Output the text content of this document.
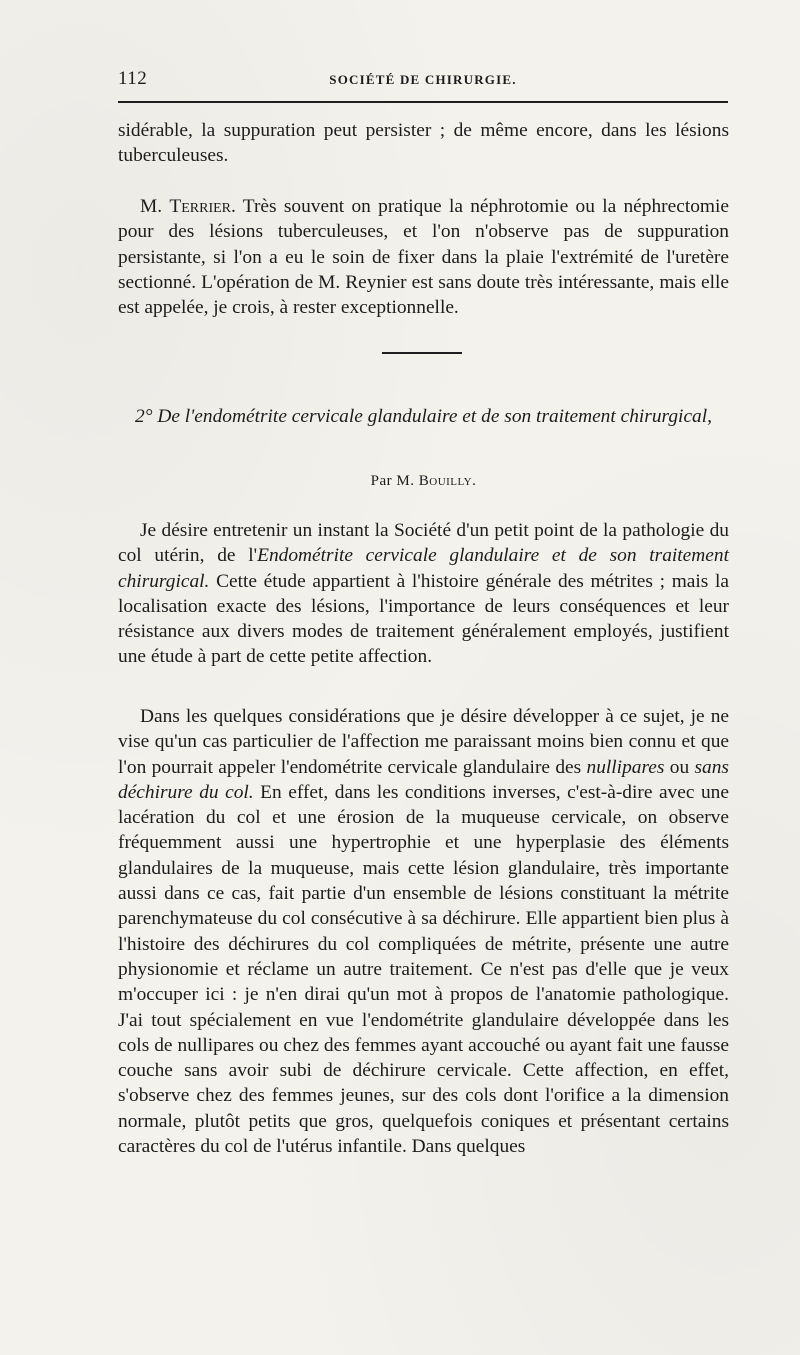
112	SOCIÉTÉ DE CHIRURGIE.

sidérable, la suppuration peut persister ; de même encore, dans les lésions tuberculeuses.

M. Terrier. Très souvent on pratique la néphrotomie ou la néphrectomie pour des lésions tuberculeuses, et l'on n'observe pas de suppuration persistante, si l'on a eu le soin de fixer dans la plaie l'extrémité de l'uretère sectionné. L'opération de M. Reynier est sans doute très intéressante, mais elle est appelée, je crois, à rester exceptionnelle.

2° De l'endométrite cervicale glandulaire et de son traitement chirurgical,

Par M. Bouilly.

Je désire entretenir un instant la Société d'un petit point de la pathologie du col utérin, de l'Endométrite cervicale glandulaire et de son traitement chirurgical. Cette étude appartient à l'histoire générale des métrites ; mais la localisation exacte des lésions, l'importance de leurs conséquences et leur résistance aux divers modes de traitement généralement employés, justifient une étude à part de cette petite affection.

Dans les quelques considérations que je désire développer à ce sujet, je ne vise qu'un cas particulier de l'affection me paraissant moins bien connu et que l'on pourrait appeler l'endométrite cervicale glandulaire des nullipares ou sans déchirure du col. En effet, dans les conditions inverses, c'est-à-dire avec une lacération du col et une érosion de la muqueuse cervicale, on observe fréquemment aussi une hypertrophie et une hyperplasie des éléments glandulaires de la muqueuse, mais cette lésion glandulaire, très importante aussi dans ce cas, fait partie d'un ensemble de lésions constituant la métrite parenchymateuse du col consécutive à sa déchirure. Elle appartient bien plus à l'histoire des déchirures du col compliquées de métrite, présente une autre physionomie et réclame un autre traitement. Ce n'est pas d'elle que je veux m'occuper ici : je n'en dirai qu'un mot à propos de l'anatomie pathologique. J'ai tout spécialement en vue l'endométrite glandulaire développée dans les cols de nullipares ou chez des femmes ayant accouché ou ayant fait une fausse couche sans avoir subi de déchirure cervicale. Cette affection, en effet, s'observe chez des femmes jeunes, sur des cols dont l'orifice a la dimension normale, plutôt petits que gros, quelquefois coniques et présentant certains caractères du col de l'utérus infantile. Dans quelques
